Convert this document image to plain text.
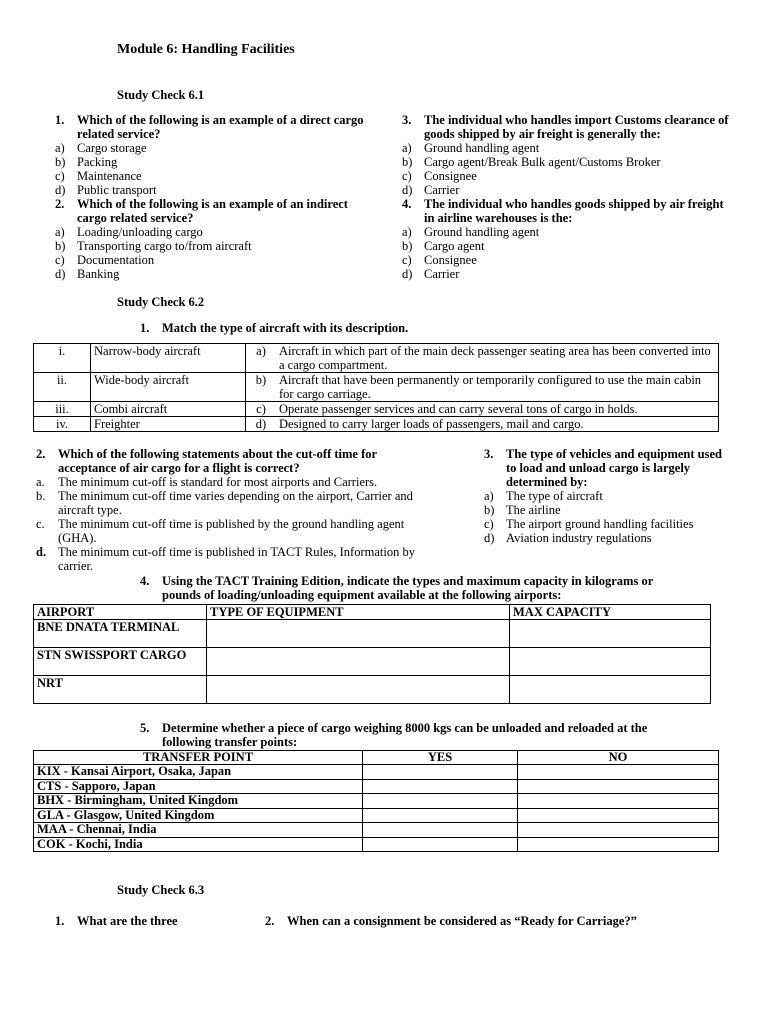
Module 6: Handling Facilities
Study Check 6.1
1.	Which of the following is an example of a direct cargo related service?
a) Cargo storage
b) Packing
c) Maintenance
d) Public transport
2.	Which of the following is an example of an indirect cargo related service?
a) Loading/unloading cargo
b) Transporting cargo to/from aircraft
c) Documentation
d) Banking
3.	The individual who handles import Customs clearance of goods shipped by air freight is generally the:
a) Ground handling agent
b) Cargo agent/Break Bulk agent/Customs Broker
c) Consignee
d) Carrier
4.	The individual who handles goods shipped by air freight in airline warehouses is the:
a) Ground handling agent
b) Cargo agent
c) Consignee
d) Carrier
Study Check 6.2
1.	Match the type of aircraft with its description.
i.	Narrow-body aircraft	a)	Aircraft in which part of the main deck passenger seating area has been converted into a cargo compartment.
ii.	Wide-body aircraft	b)	Aircraft that have been permanently or temporarily configured to use the main cabin for cargo carriage.
iii.	Combi aircraft	c)	Operate passenger services and can carry several tons of cargo in holds.
iv.	Freighter	d)	Designed to carry larger loads of passengers, mail and cargo.
2.	Which of the following statements about the cut-off time for acceptance of air cargo for a flight is correct?
a.	The minimum cut-off is standard for most airports and Carriers.
b.	The minimum cut-off time varies depending on the airport, Carrier and aircraft type.
c.	The minimum cut-off time is published by the ground handling agent (GHA).
d. The minimum cut-off time is published in TACT Rules, Information by carrier.
3.	The type of vehicles and equipment used to load and unload cargo is largely determined by:
a) The type of aircraft
b) The airline
c) The airport ground handling facilities
d) Aviation industry regulations
4.	Using the TACT Training Edition, indicate the types and maximum capacity in kilograms or pounds of loading/unloading equipment available at the following airports:
AIRPORT	TYPE OF EQUIPMENT	MAX CAPACITY
BNE DNATA TERMINAL		
STN SWISSPORT CARGO		
NRT		
5.	Determine whether a piece of cargo weighing 8000 kgs can be unloaded and reloaded at the following transfer points:
TRANSFER POINT	YES	NO
KIX - Kansai Airport, Osaka, Japan		
CTS - Sapporo, Japan		
BHX - Birmingham, United Kingdom		
GLA - Glasgow, United Kingdom		
MAA - Chennai, India		
COK - Kochi, India		
Study Check 6.3
1.	What are the three	2.	When can a consignment be considered as “Ready for Carriage?”
